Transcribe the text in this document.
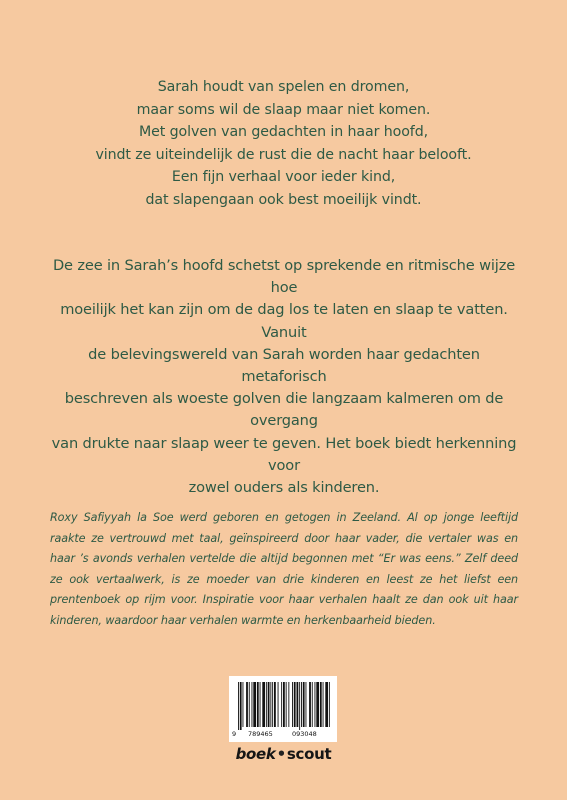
Sarah houdt van spelen en dromen,
maar soms wil de slaap maar niet komen.
Met golven van gedachten in haar hoofd,
vindt ze uiteindelijk de rust die de nacht haar belooft.
Een fijn verhaal voor ieder kind,
dat slapengaan ook best moeilijk vindt.
De zee in Sarah’s hoofd schetst op sprekende en ritmische wijze hoe
moeilijk het kan zijn om de dag los te laten en slaap te vatten. Vanuit
de belevingswereld van Sarah worden haar gedachten metaforisch
beschreven als woeste golven die langzaam kalmeren om de overgang
van drukte naar slaap weer te geven. Het boek biedt herkenning voor
zowel ouders als kinderen.
Roxy Safiyyah la Soe werd geboren en getogen in Zeeland. Al op jonge leeftijd raakte ze vertrouwd met taal, geïnspireerd door haar vader, die vertaler was en haar ’s avonds verhalen vertelde die altijd begonnen met “Er was eens.” Zelf deed ze ook vertaalwerk, is ze moeder van drie kinderen en leest ze het liefst een prentenboek op rijm voor. Inspiratie voor haar verhalen haalt ze dan ook uit haar kinderen, waardoor haar verhalen warmte en herkenbaarheid bieden.
9 789465	093048
boek•scout
